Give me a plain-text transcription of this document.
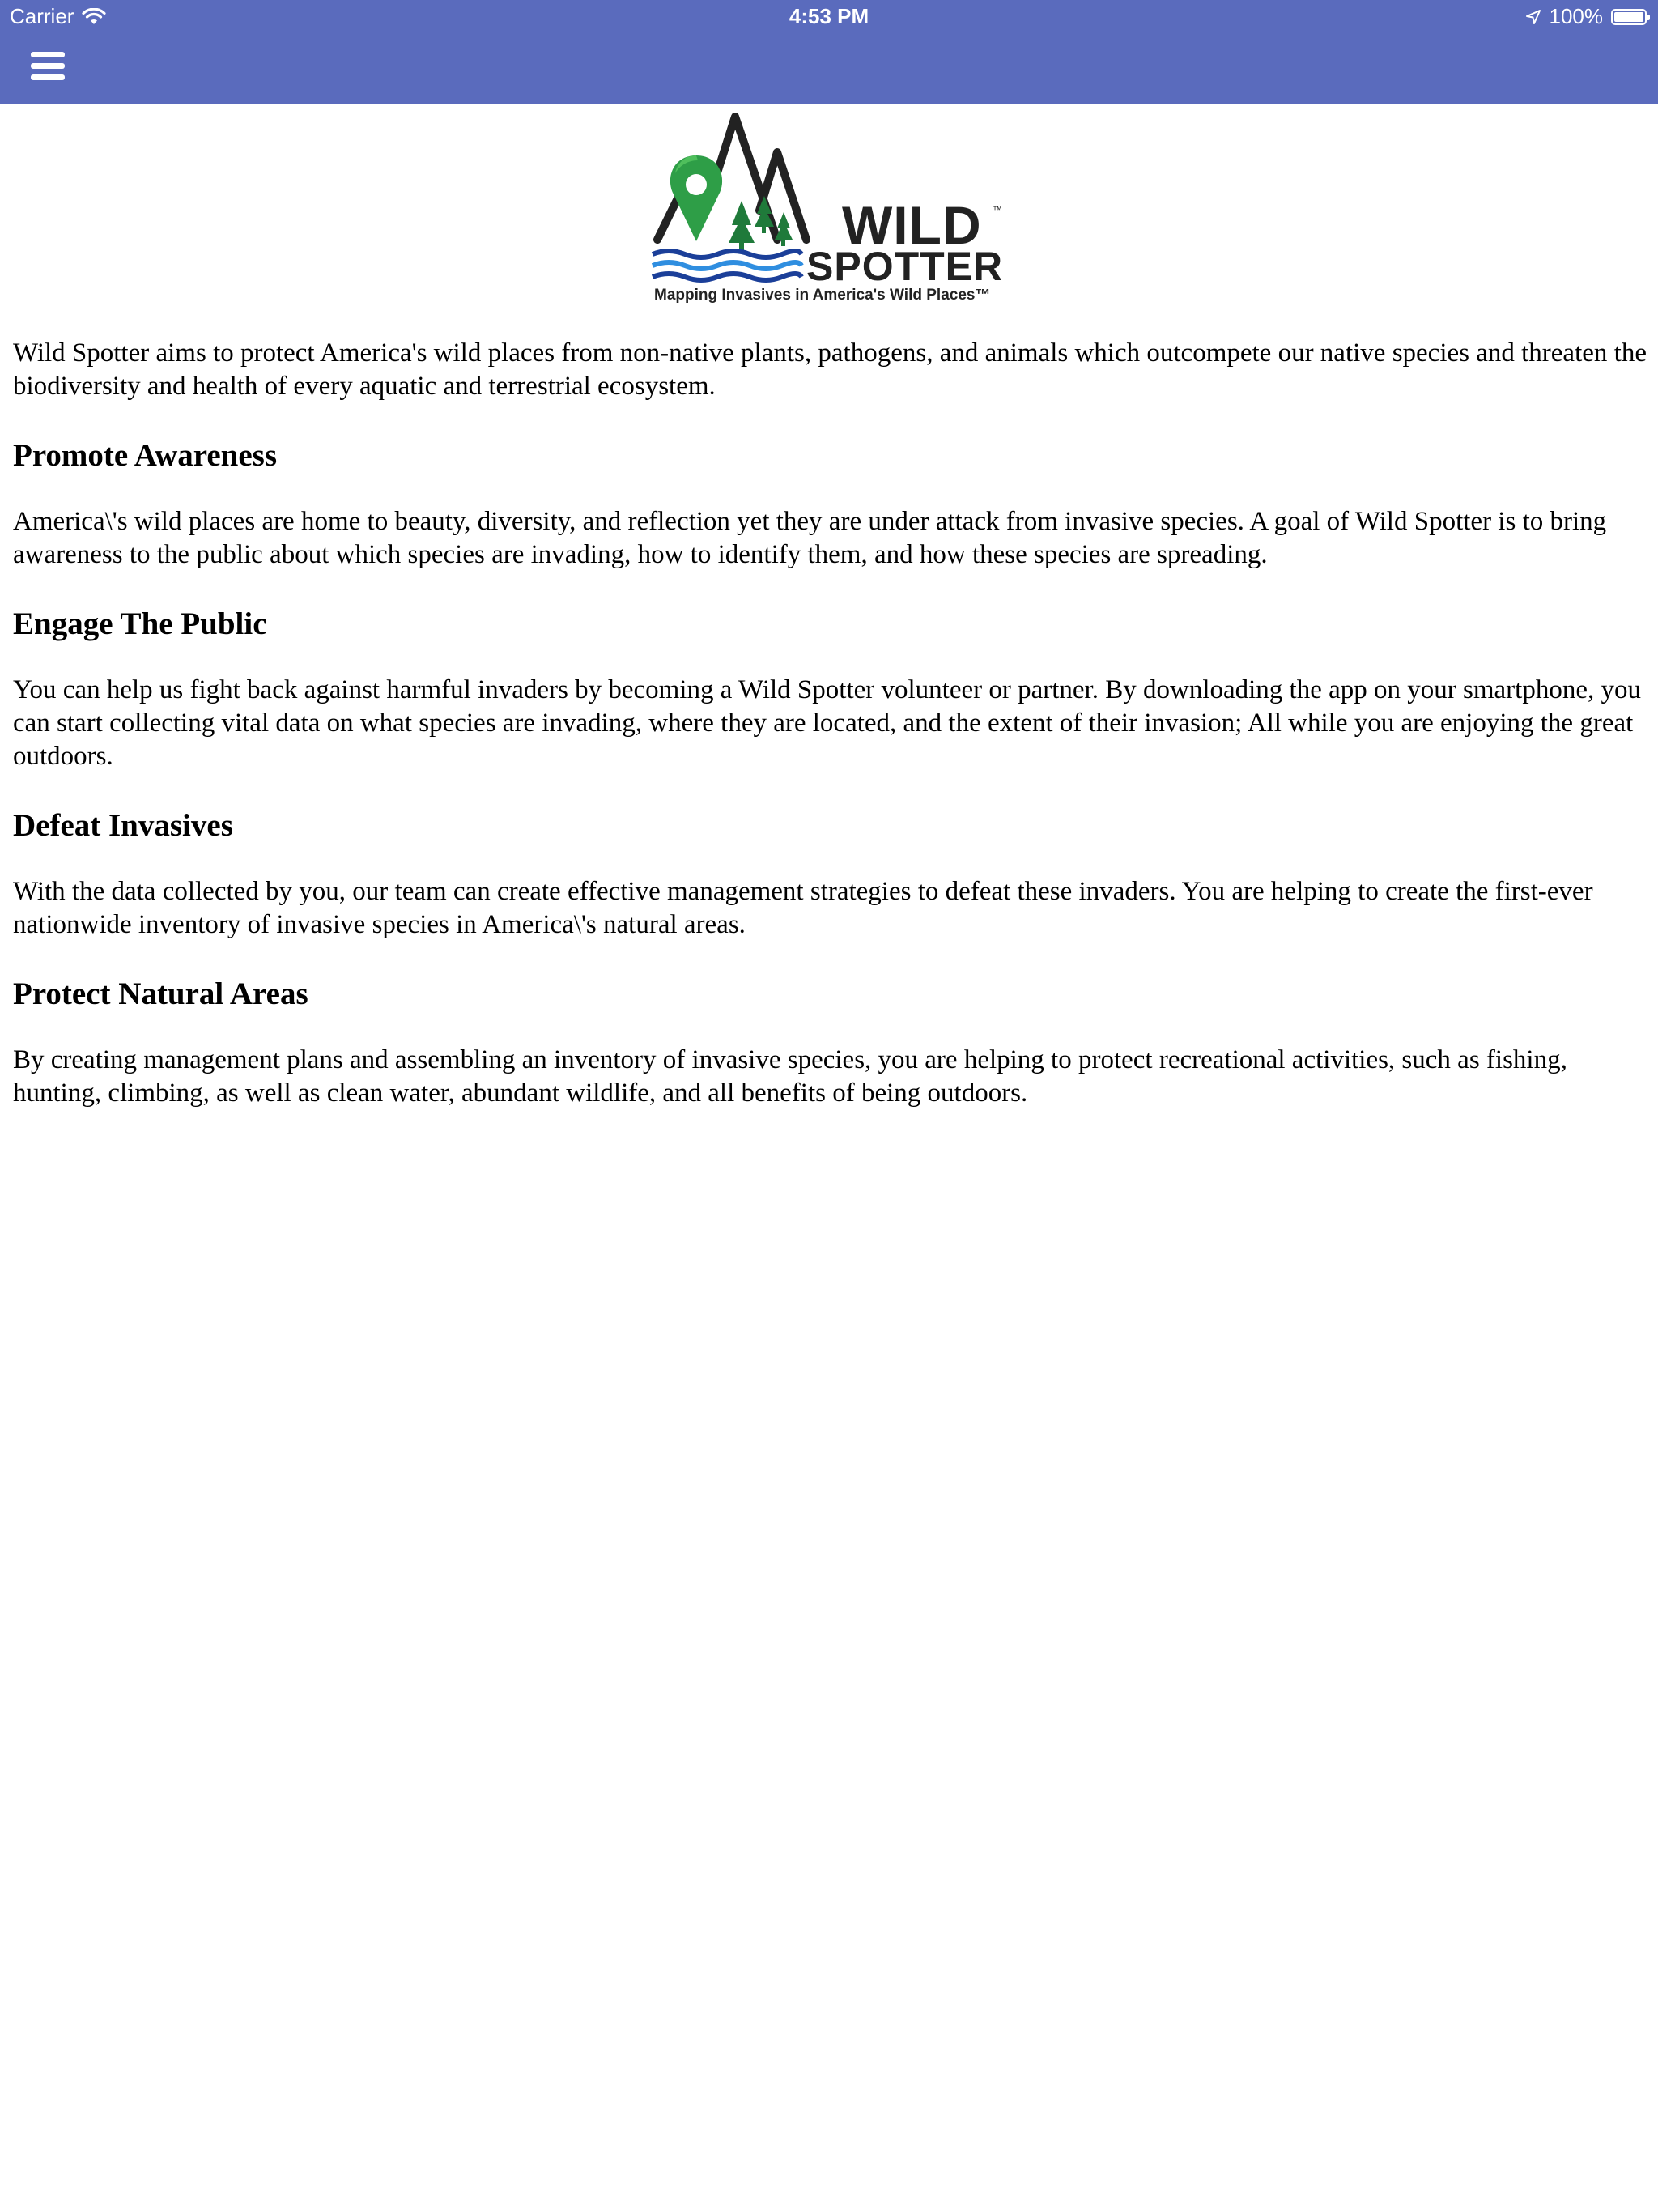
Carrier	4:53 PM	100%
WILD ™
SPOTTER
Mapping Invasives in America's Wild Places™

Wild Spotter aims to protect America's wild places from non-native plants, pathogens, and animals which outcompete our native species and threaten the biodiversity and health of every aquatic and terrestrial ecosystem.

Promote Awareness

America\'s wild places are home to beauty, diversity, and reflection yet they are under attack from invasive species. A goal of Wild Spotter is to bring awareness to the public about which species are invading, how to identify them, and how these species are spreading.

Engage The Public

You can help us fight back against harmful invaders by becoming a Wild Spotter volunteer or partner. By downloading the app on your smartphone, you can start collecting vital data on what species are invading, where they are located, and the extent of their invasion; All while you are enjoying the great outdoors.

Defeat Invasives

With the data collected by you, our team can create effective management strategies to defeat these invaders. You are helping to create the first-ever nationwide inventory of invasive species in America\'s natural areas.

Protect Natural Areas

By creating management plans and assembling an inventory of invasive species, you are helping to protect recreational activities, such as fishing, hunting, climbing, as well as clean water, abundant wildlife, and all benefits of being outdoors.
